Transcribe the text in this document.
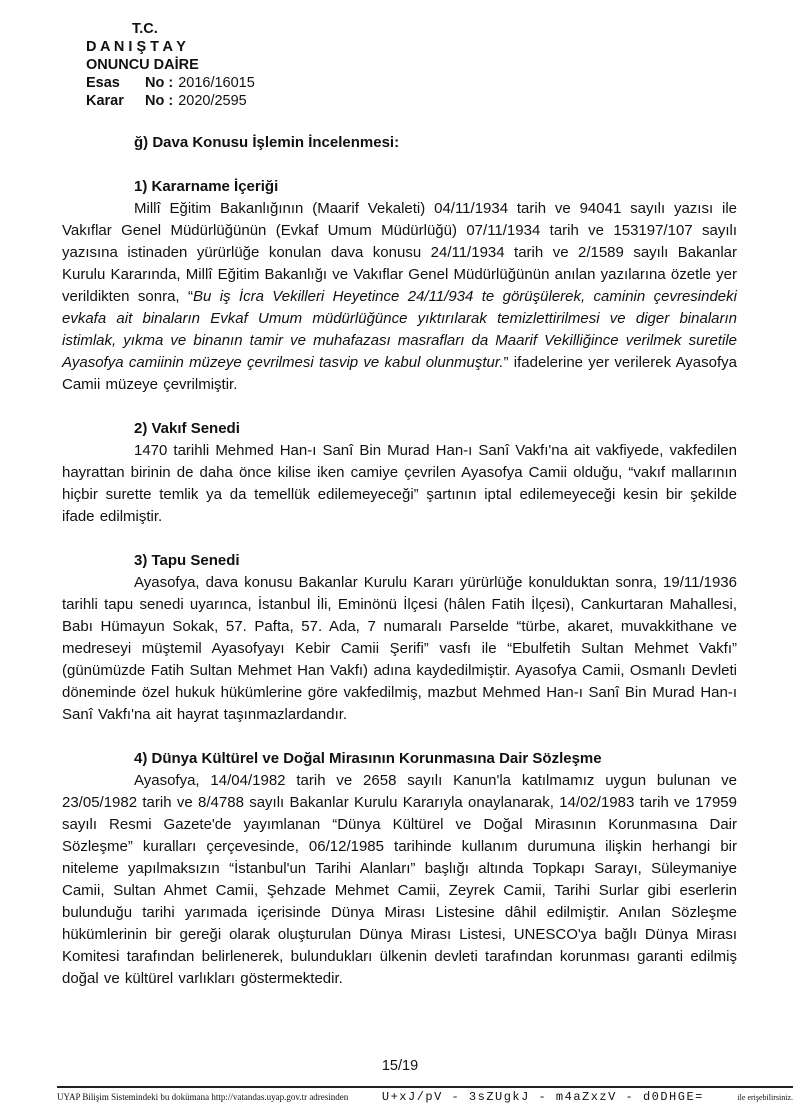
T.C.
D A N I Ş T A Y
ONUNCU DAİRE
Esas No : 2016/16015
Karar No : 2020/2595
ğ) Dava Konusu İşlemin İncelenmesi:
1) Kararname İçeriği

Millî Eğitim Bakanlığının (Maarif Vekaleti) 04/11/1934 tarih ve 94041 sayılı yazısı ile Vakıflar Genel Müdürlüğünün (Evkaf Umum Müdürlüğü) 07/11/1934 tarih ve 153197/107 sayılı yazısına istinaden yürürlüğe konulan dava konusu 24/11/1934 tarih ve 2/1589 sayılı Bakanlar Kurulu Kararında, Millî Eğitim Bakanlığı ve Vakıflar Genel Müdürlüğünün anılan yazılarına özetle yer verildikten sonra, “Bu iş İcra Vekilleri Heyetince 24/11/934 te görüşülerek, caminin çevresindeki evkafa ait binaların Evkaf Umum müdürlüğünce yıktırılarak temizlettirilmesi ve diger binaların istimlak, yıkma ve binanın tamir ve muhafazası masrafları da Maarif Vekilliğince verilmek suretile Ayasofya camiinin müzeye çevrilmesi tasvip ve kabul olunmuştur.” ifadelerine yer verilerek Ayasofya Camii müzeye çevrilmiştir.

2) Vakıf Senedi

1470 tarihli Mehmed Han-ı Sanî Bin Murad Han-ı Sanî Vakfı'na ait vakfiyede, vakfedilen hayrattan birinin de daha önce kilise iken camiye çevrilen Ayasofya Camii olduğu, “vakıf mallarının hiçbir surette temlik ya da temellük edilemeyeceği” şartının iptal edilemeyeceği kesin bir şekilde ifade edilmiştir.

3) Tapu Senedi

Ayasofya, dava konusu Bakanlar Kurulu Kararı yürürlüğe konulduktan sonra, 19/11/1936 tarihli tapu senedi uyarınca, İstanbul İli, Eminönü İlçesi (hâlen Fatih İlçesi), Cankurtaran Mahallesi, Babı Hümayun Sokak, 57. Pafta, 57. Ada, 7 numaralı Parselde “türbe, akaret, muvakkithane ve medreseyi müştemil Ayasofyayı Kebir Camii Şerifi” vasfı ile “Ebulfetih Sultan Mehmet Vakfı” (günümüzde Fatih Sultan Mehmet Han Vakfı) adına kaydedilmiştir. Ayasofya Camii, Osmanlı Devleti döneminde özel hukuk hükümlerine göre vakfedilmiş, mazbut Mehmed Han-ı Sanî Bin Murad Han-ı Sanî Vakfı'na ait hayrat taşınmazlardandır.

4) Dünya Kültürel ve Doğal Mirasının Korunmasına Dair Sözleşme

Ayasofya, 14/04/1982 tarih ve 2658 sayılı Kanun'la katılmamız uygun bulunan ve 23/05/1982 tarih ve 8/4788 sayılı Bakanlar Kurulu Kararıyla onaylanarak, 14/02/1983 tarih ve 17959 sayılı Resmi Gazete'de yayımlanan “Dünya Kültürel ve Doğal Mirasının Korunmasına Dair Sözleşme” kuralları çerçevesinde, 06/12/1985 tarihinde kullanım durumuna ilişkin herhangi bir niteleme yapılmaksızın “İstanbul'un Tarihi Alanları” başlığı altında Topkapı Sarayı, Süleymaniye Camii, Sultan Ahmet Camii, Şehzade Mehmet Camii, Zeyrek Camii, Tarihi Surlar gibi eserlerin bulunduğu tarihi yarımada içerisinde Dünya Mirası Listesine dâhil edilmiştir. Anılan Sözleşme hükümlerinin bir gereği olarak oluşturulan Dünya Mirası Listesi, UNESCO'ya bağlı Dünya Mirası Komitesi tarafından belirlenerek, bulundukları ülkenin devleti tarafından korunması garanti edilmiş doğal ve kültürel varlıkları göstermektedir.

15/19
UYAP Bilişim Sistemindeki bu dokümana http://vatandas.uyap.gov.tr adresinden	U+xJ/pV - 3sZUgkJ - m4aZxzV - d0DHGE=	ile erişebilirsiniz.
